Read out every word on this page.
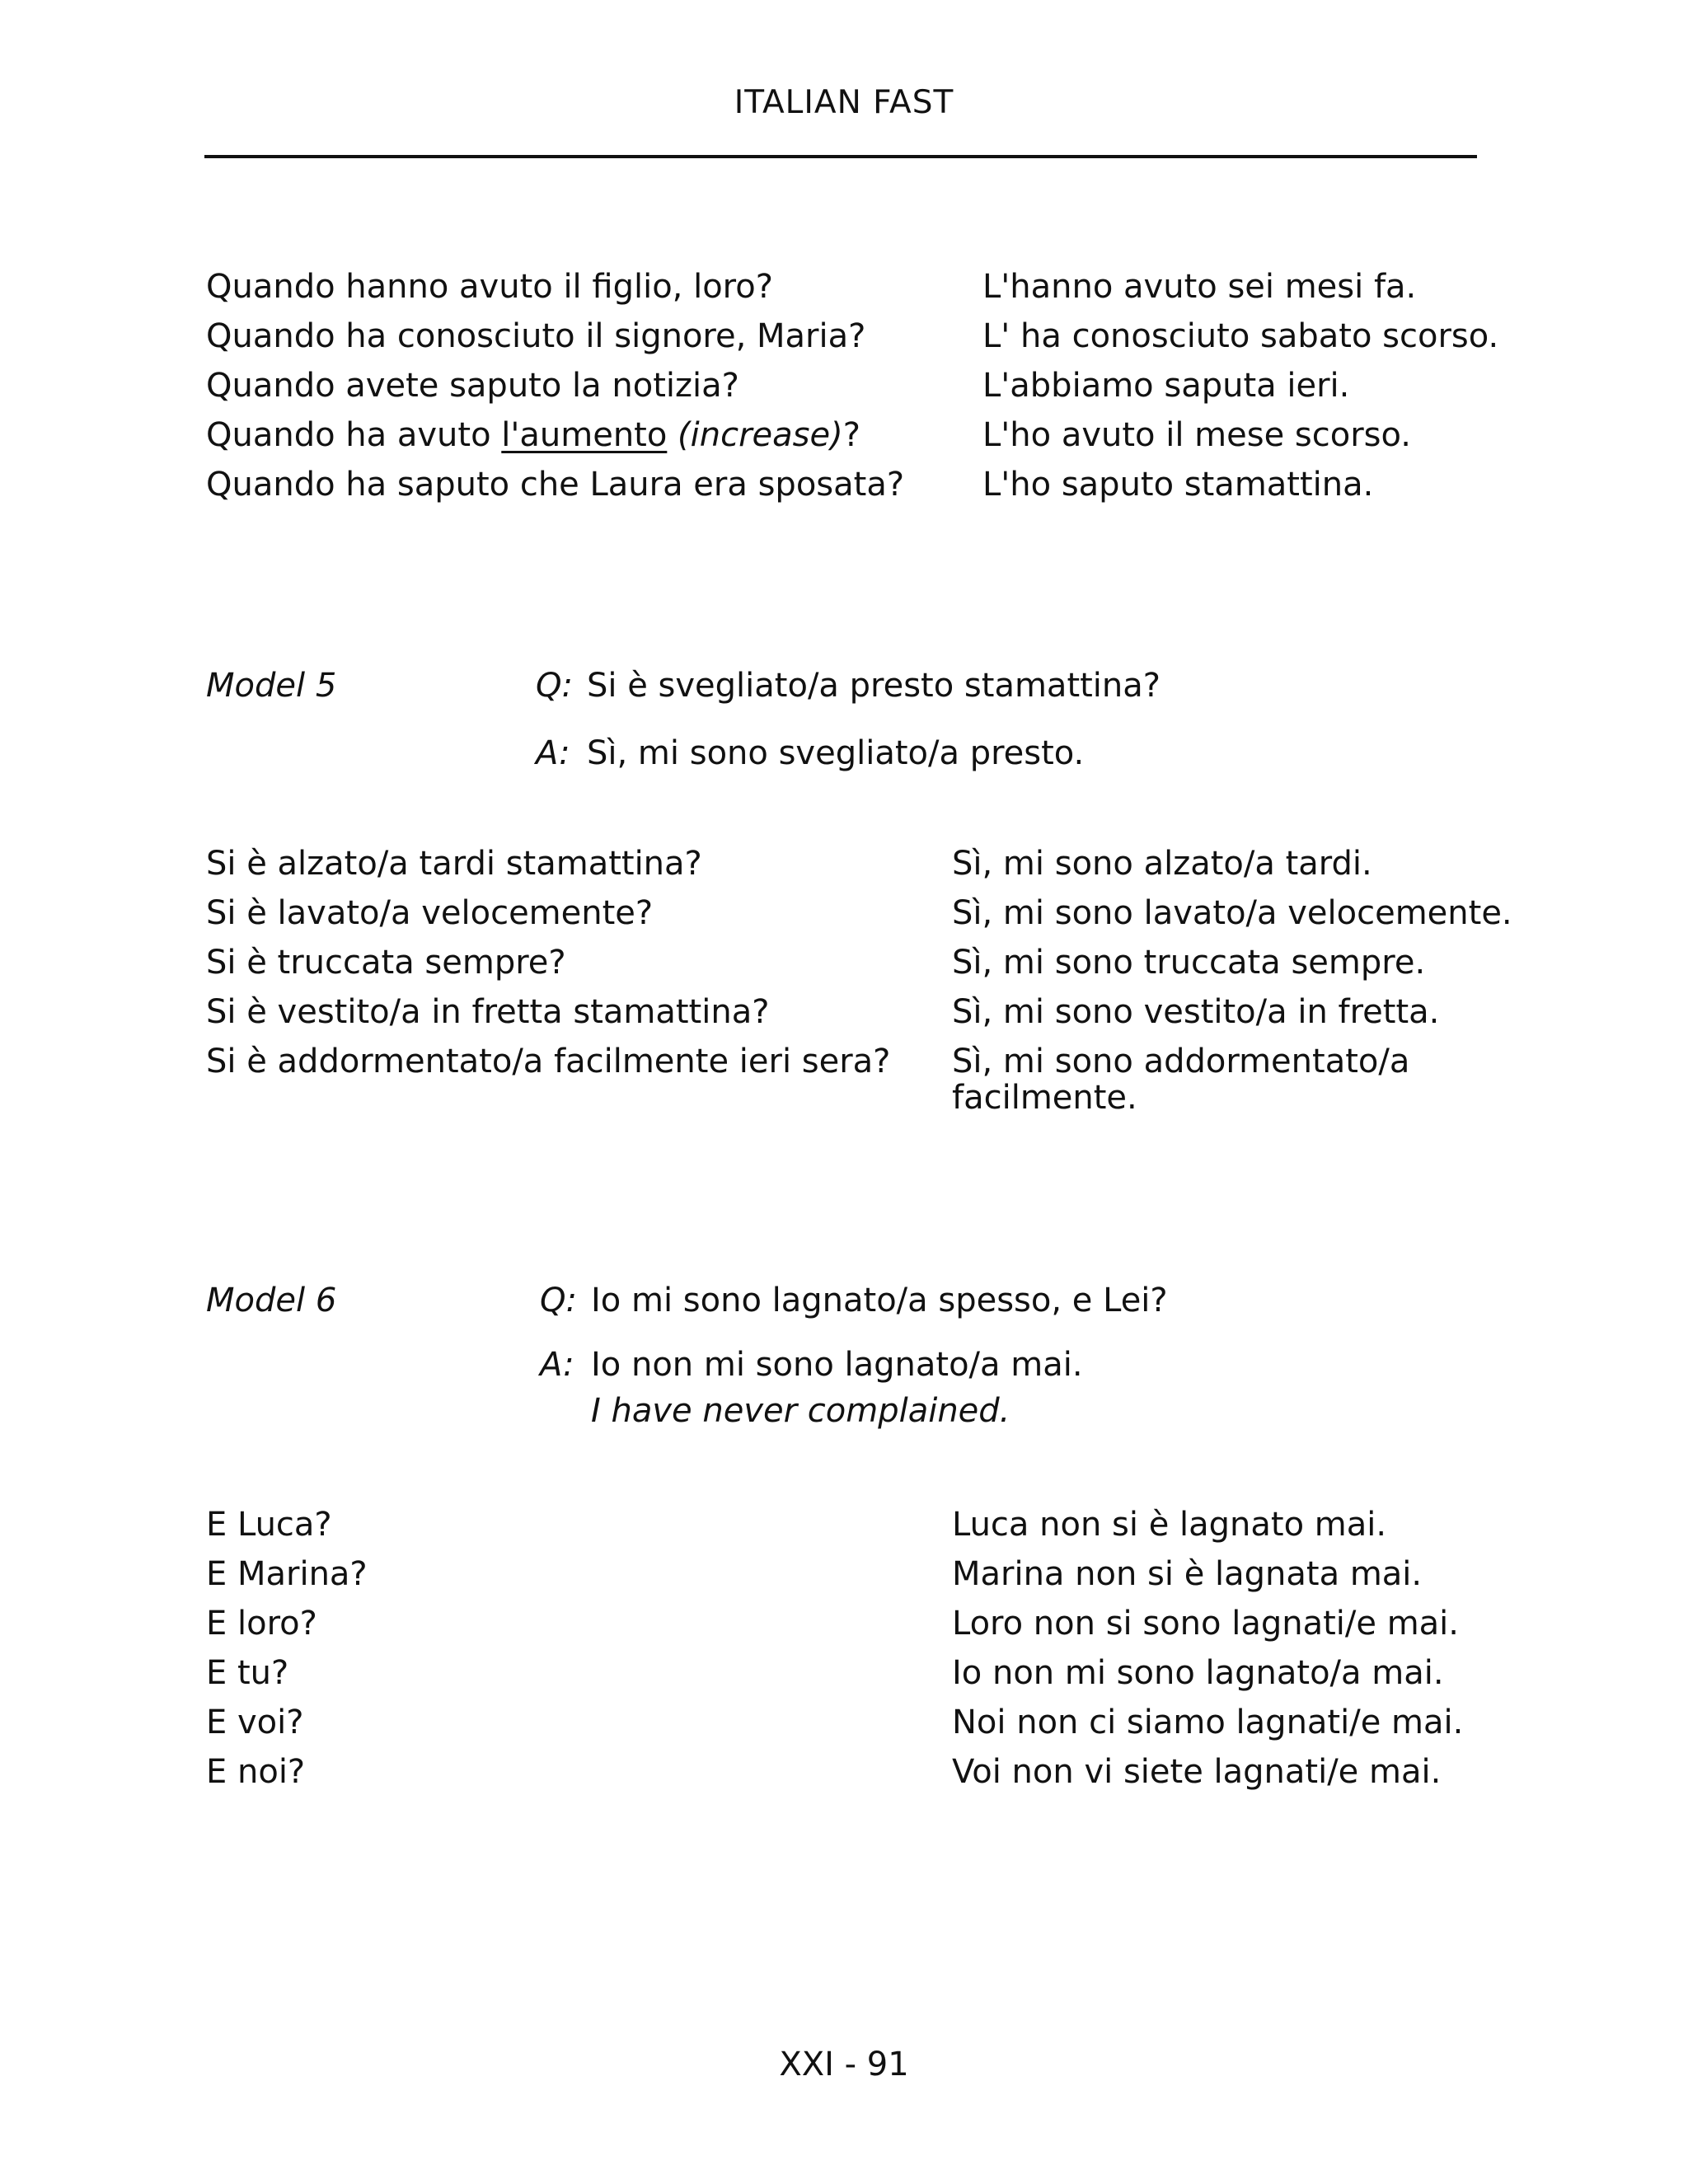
ITALIAN FAST
Quando hanno avuto il figlio, loro?
Quando ha conosciuto il signore, Maria?
Quando avete saputo la notizia?
Quando ha avuto l'aumento (increase)?
Quando ha saputo che Laura era sposata?
L'hanno avuto sei mesi fa.
L' ha conosciuto sabato scorso.
L'abbiamo saputa ieri.
L'ho avuto il mese scorso.
L'ho saputo stamattina.
Model 5	Q: Si è svegliato/a presto stamattina?
A: Sì, mi sono svegliato/a presto.
Si è alzato/a tardi stamattina?
Si è lavato/a velocemente?
Si è truccata sempre?
Si è vestito/a in fretta stamattina?
Si è addormentato/a facilmente ieri sera?
Sì, mi sono alzato/a tardi.
Sì, mi sono lavato/a velocemente.
Sì, mi sono truccata sempre.
Sì, mi sono vestito/a in fretta.
Sì, mi sono addormentato/a facilmente.
Model 6	Q: Io mi sono lagnato/a spesso, e Lei?
A: Io non mi sono lagnato/a mai.
I have never complained.
E Luca?
E Marina?
E loro?
E tu?
E voi?
E noi?
Luca non si è lagnato mai.
Marina non si è lagnata mai.
Loro non si sono lagnati/e mai.
Io non mi sono lagnato/a mai.
Noi non ci siamo lagnati/e mai.
Voi non vi siete lagnati/e mai.
XXI - 91
